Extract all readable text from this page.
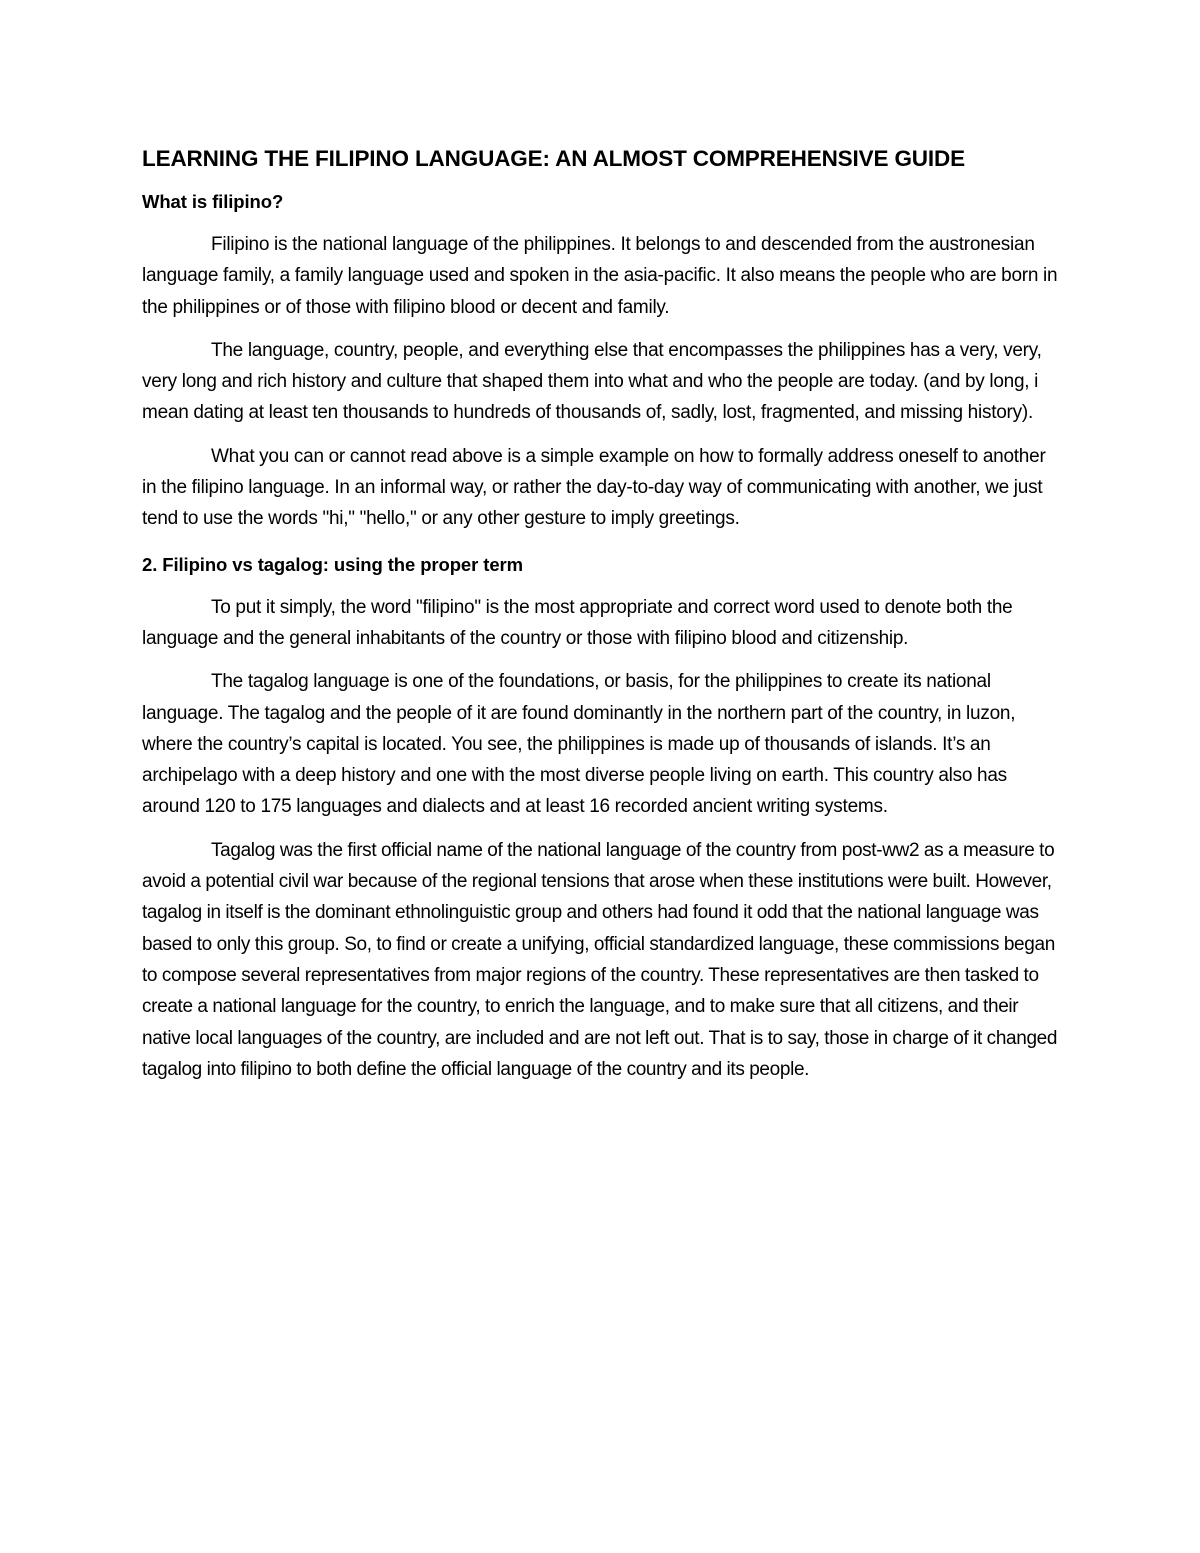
LEARNING THE FILIPINO LANGUAGE: AN ALMOST COMPREHENSIVE GUIDE
What is filipino?

Filipino is the national language of the philippines. It belongs to and descended from the austronesian language family, a family language used and spoken in the asia-pacific. It also means the people who are born in the philippines or of those with filipino blood or decent and family.

The language, country, people, and everything else that encompasses the philippines has a very, very, very long and rich history and culture that shaped them into what and who the people are today. (and by long, i mean dating at least ten thousands to hundreds of thousands of, sadly, lost, fragmented, and missing history).

What you can or cannot read above is a simple example on how to formally address oneself to another in the filipino language. In an informal way, or rather the day-to-day way of communicating with another, we just tend to use the words "hi," "hello," or any other gesture to imply greetings.

2. Filipino vs tagalog: using the proper term

To put it simply, the word "filipino" is the most appropriate and correct word used to denote both the language and the general inhabitants of the country or those with filipino blood and citizenship.

The tagalog language is one of the foundations, or basis, for the philippines to create its national language. The tagalog and the people of it are found dominantly in the northern part of the country, in luzon, where the country’s capital is located. You see, the philippines is made up of thousands of islands. It’s an archipelago with a deep history and one with the most diverse people living on earth. This country also has around 120 to 175 languages and dialects and at least 16 recorded ancient writing systems.

Tagalog was the first official name of the national language of the country from post-ww2 as a measure to avoid a potential civil war because of the regional tensions that arose when these institutions were built. However, tagalog in itself is the dominant ethnolinguistic group and others had found it odd that the national language was based to only this group. So, to find or create a unifying, official standardized language, these commissions began to compose several representatives from major regions of the country. These representatives are then tasked to create a national language for the country, to enrich the language, and to make sure that all citizens, and their native local languages of the country, are included and are not left out. That is to say, those in charge of it changed tagalog into filipino to both define the official language of the country and its people.
